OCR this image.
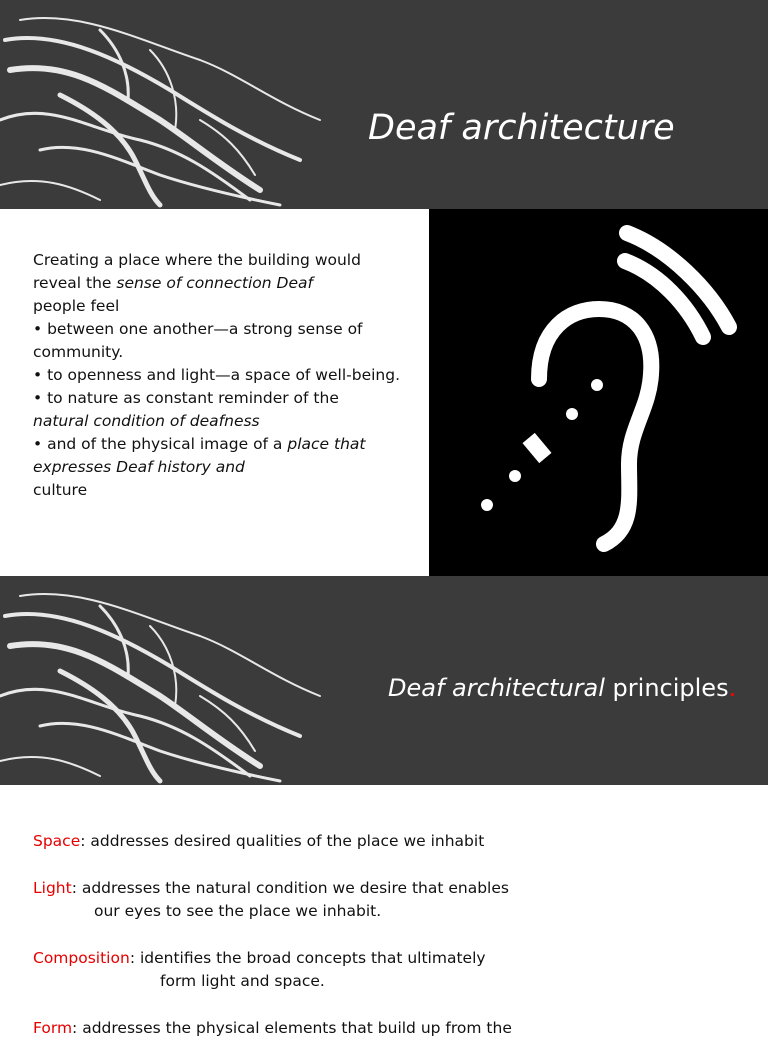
Deaf architecture
Creating a place where the building would
reveal the sense of connection Deaf
people feel
• between one another—a strong sense of
community.
• to openness and light—a space of well-being.
• to nature as constant reminder of the
natural condition of deafness
• and of the physical image of a place that
expresses Deaf history and
culture
Deaf architectural principles.
Space: addresses desired qualities of the place we inhabit
Light: addresses the natural condition we desire that enables
our eyes to see the place we inhabit.
Composition: identifies the broad concepts that ultimately
form light and space.
Form: addresses the physical elements that build up from the
